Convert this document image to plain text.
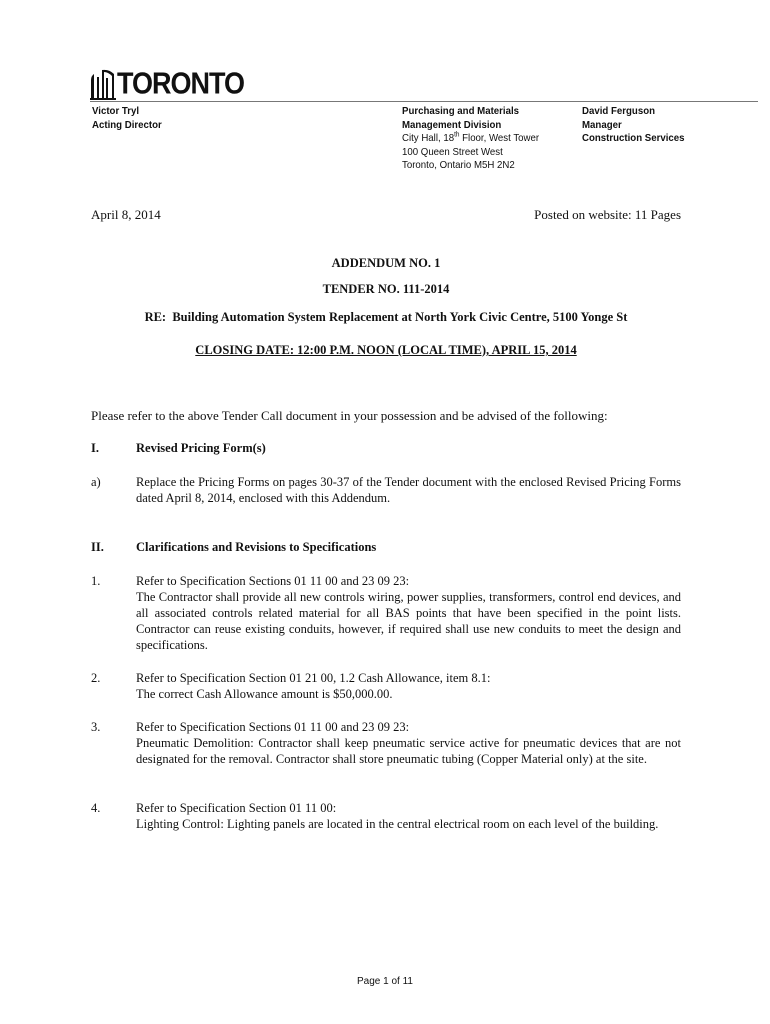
TORONTO
Victor Tryl
Acting Director
Purchasing and Materials
Management Division
City Hall, 18th Floor, West Tower
100 Queen Street West
Toronto, Ontario M5H 2N2
David Ferguson
Manager
Construction Services
April 8, 2014	Posted on website: 11 Pages
ADDENDUM NO. 1
TENDER NO. 111-2014
RE:  Building Automation System Replacement at North York Civic Centre, 5100 Yonge St
CLOSING DATE: 12:00 P.M. NOON (LOCAL TIME), APRIL 15, 2014
Please refer to the above Tender Call document in your possession and be advised of the following:
I.	Revised Pricing Form(s)
a)	Replace the Pricing Forms on pages 30-37 of the Tender document with the enclosed Revised Pricing Forms dated April 8, 2014, enclosed with this Addendum.
II.	Clarifications and Revisions to Specifications
1.	Refer to Specification Sections 01 11 00 and 23 09 23:

The Contractor shall provide all new controls wiring, power supplies, transformers, control end devices, and all associated controls related material for all BAS points that have been specified in the point lists. Contractor can reuse existing conduits, however, if required shall use new conduits to meet the design and specifications.

2.	Refer to Specification Section 01 21 00, 1.2 Cash Allowance, item 8.1:

The correct Cash Allowance amount is $50,000.00.

3.	Refer to Specification Sections 01 11 00 and 23 09 23:

Pneumatic Demolition: Contractor shall keep pneumatic service active for pneumatic devices that are not designated for the removal. Contractor shall store pneumatic tubing (Copper Material only) at the site.

4.	Refer to Specification Section 01 11 00:

Lighting Control: Lighting panels are located in the central electrical room on each level of the building.

Page 1 of 11
